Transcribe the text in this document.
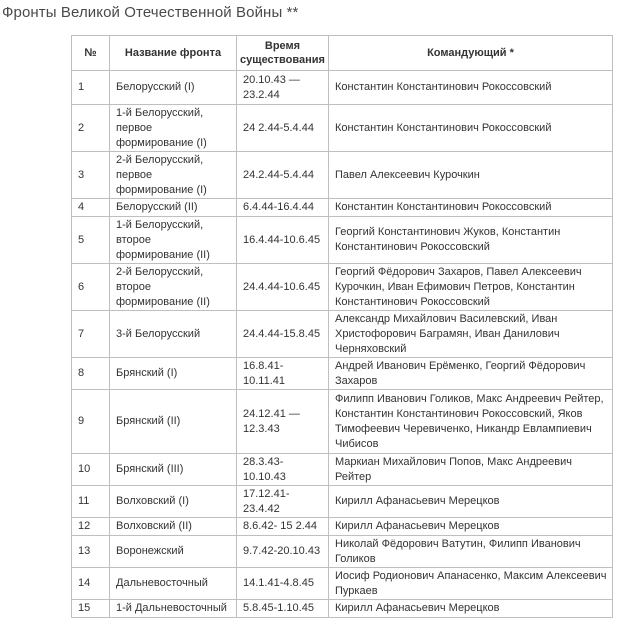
Фронты Великой Отечественной Войны **
№	Название фронта	Время существования	Командующий *
1	Белорусский (I)	20.10.43 — 23.2.44	Константин Константинович Рокоссовский
2	1-й Белорусский, первое формирование (I)	24 2.44-5.4.44	Константин Константинович Рокоссовский
3	2-й Белорусский, первое формирование (I)	24.2.44-5.4.44	Павел Алексеевич Курочкин
4	Белорусский (II)	6.4.44-16.4.44	Константин Константинович Рокоссовский
5	1-й Белорусский, второе формирование (II)	16.4.44-10.6.45	Георгий Константинович Жуков, Константин Константинович Рокоссовский
6	2-й Белорусский, второе формирование (II)	24.4.44-10.6.45	Георгий Фёдорович Захаров, Павел Алексеевич Курочкин, Иван Ефимович Петров, Константин Константинович Рокоссовский
7	3-й Белорусский	24.4.44-15.8.45	Александр Михайлович Василевский, Иван Христофорович Баграмян, Иван Данилович Черняховский
8	Брянский (I)	16.8.41- 10.11.41	Андрей Иванович Ерёменко, Георгий Фёдорович Захаров
9	Брянский (II)	24.12.41 — 12.3.43	Филипп Иванович Голиков, Макс Андреевич Рейтер, Константин Константинович Рокоссовский, Яков Тимофеевич Черевиченко, Никандр Евлампиевич Чибисов
10	Брянский (III)	28.3.43- 10.10.43	Маркиан Михайлович Попов, Макс Андреевич Рейтер
11	Волховский (I)	17.12.41- 23.4.42	Кирилл Афанасьевич Мерецков
12	Волховский (II)	8.6.42- 15 2.44	Кирилл Афанасьевич Мерецков
13	Воронежский	9.7.42-20.10.43	Николай Фёдорович Ватутин, Филипп Иванович Голиков
14	Дальневосточный	14.1.41-4.8.45	Иосиф Родионович Апанасенко, Максим Алексеевич Пуркаев
15	1-й Дальневосточный	5.8.45-1.10.45	Кирилл Афанасьевич Мерецков
